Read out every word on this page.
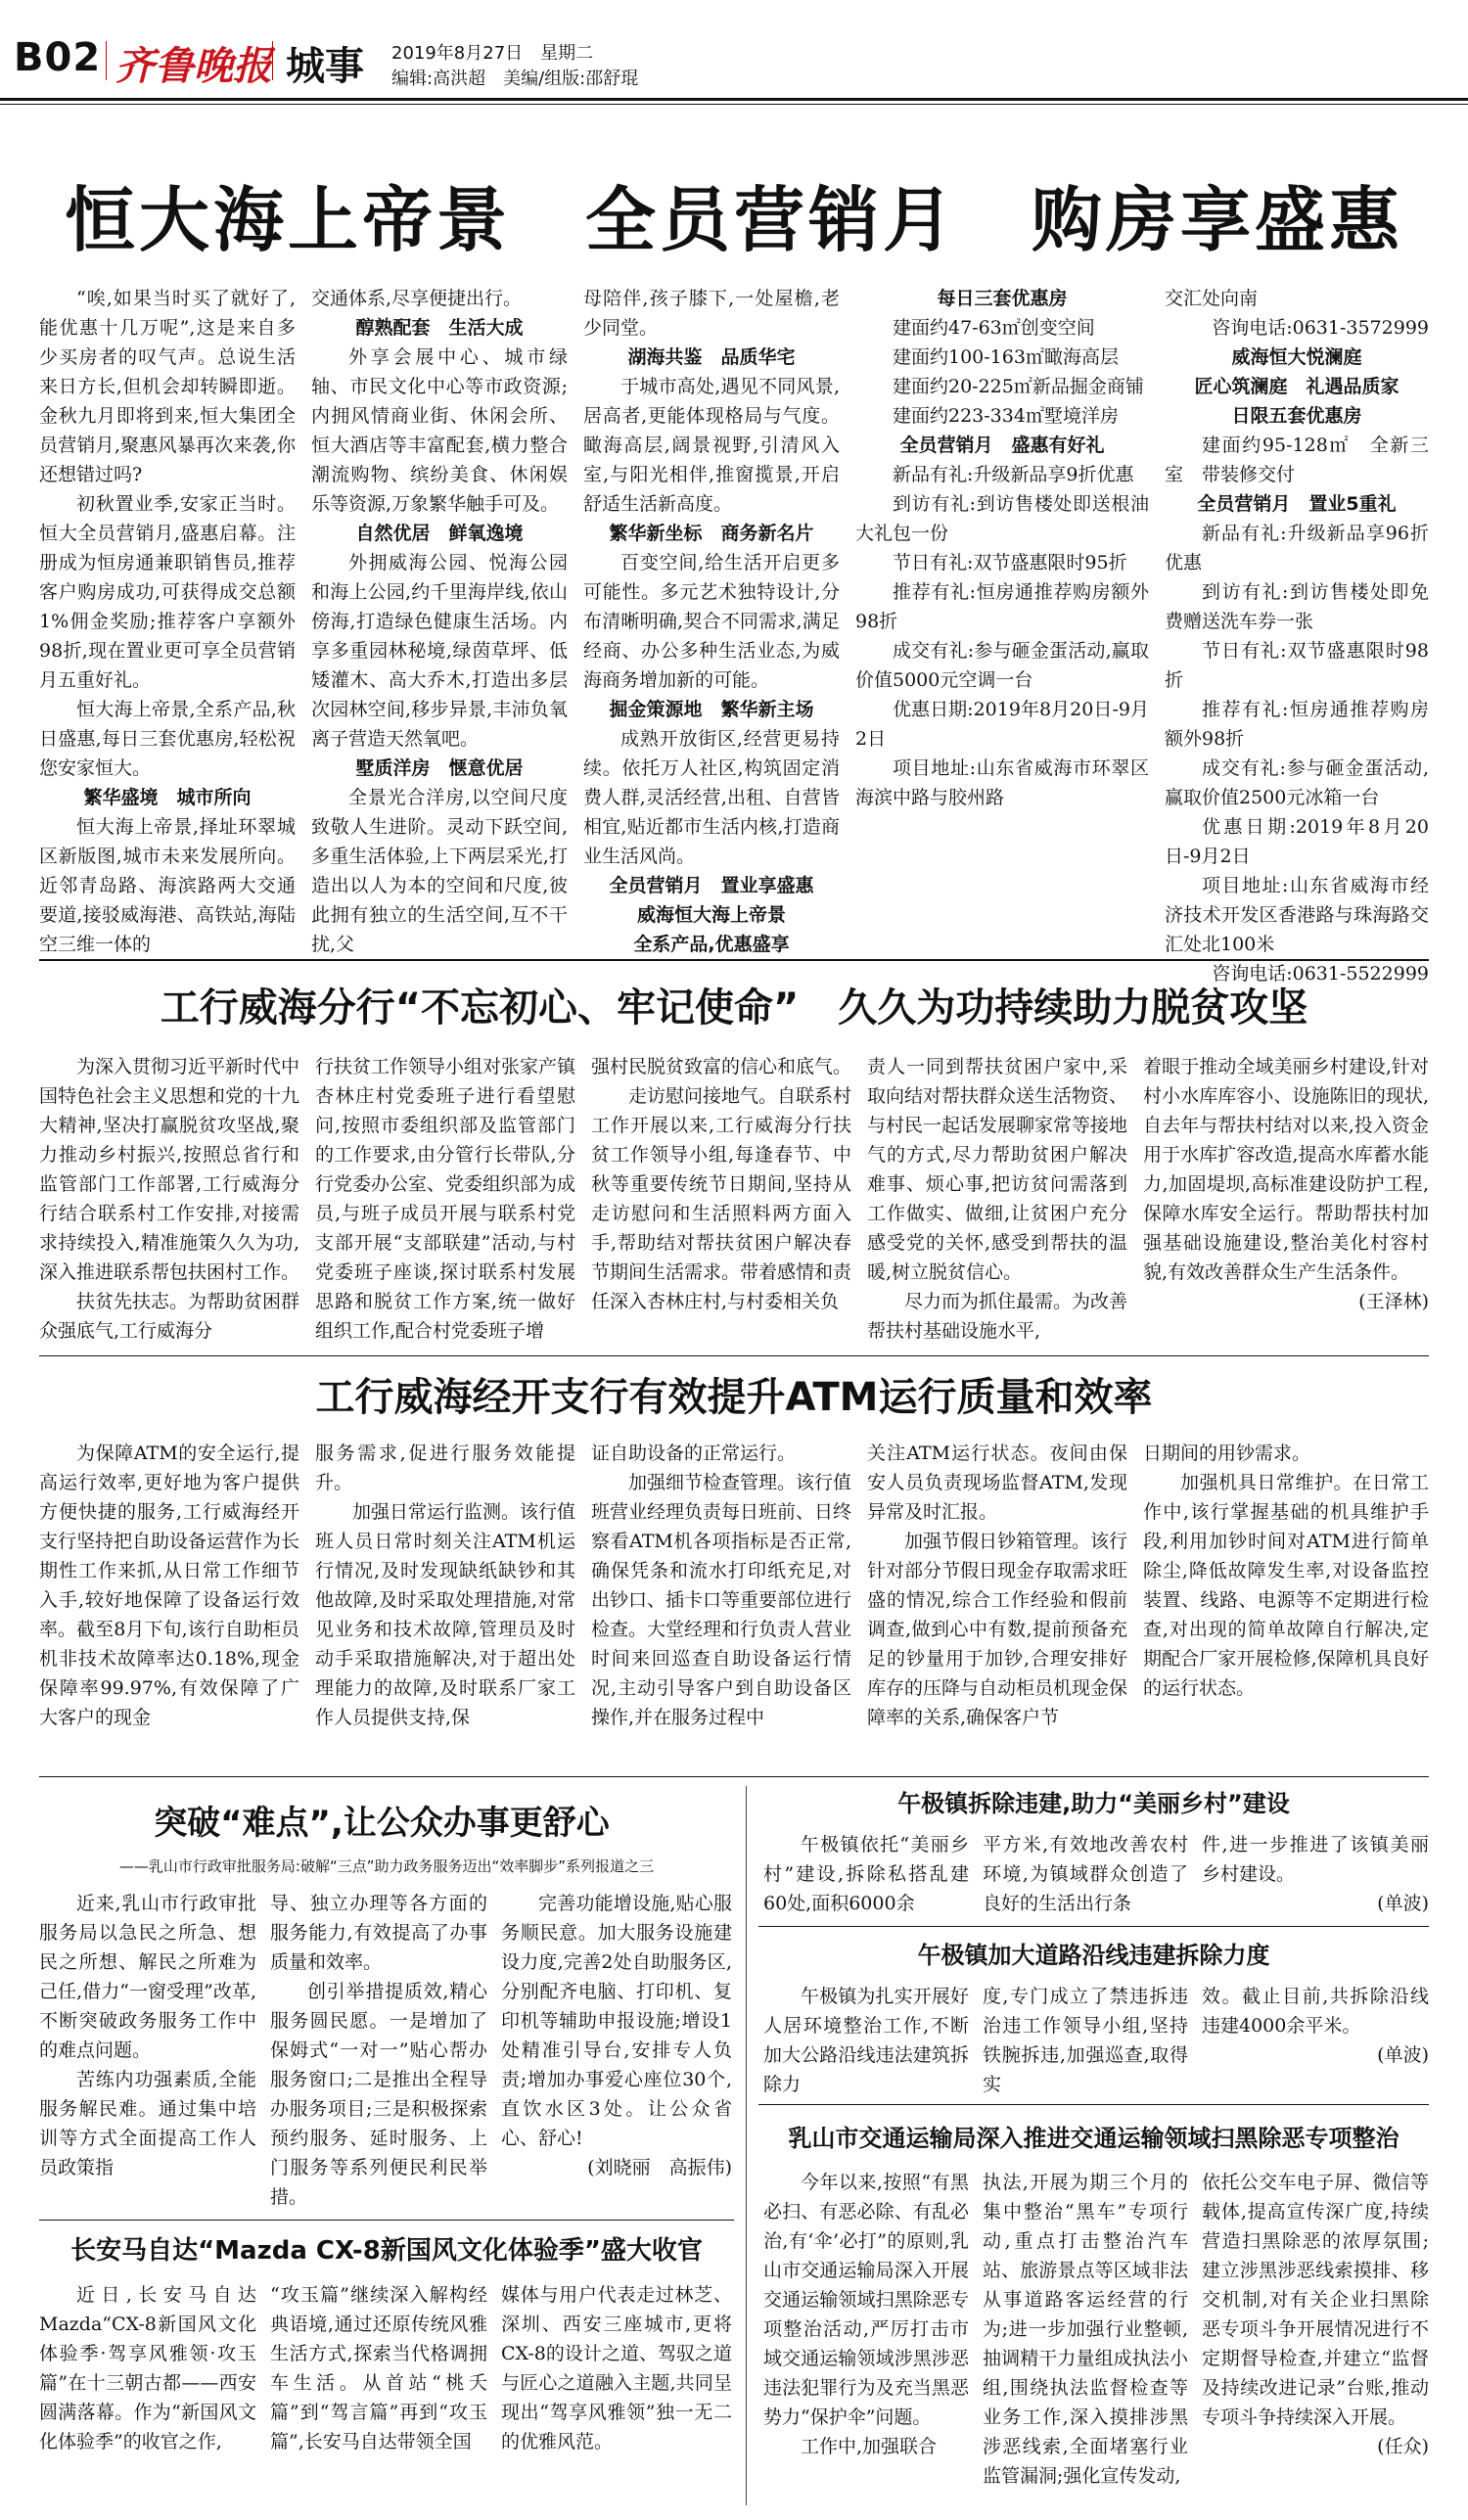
B02 齐鲁晚报 城事 2019年8月27日　星期二
编辑:高洪超　美编/组版:邵舒琨
恒大海上帝景　全员营销月　购房享盛惠

“唉,如果当时买了就好了,能优惠十几万呢”,这是来自多少买房者的叹气声。总说生活来日方长,但机会却转瞬即逝。金秋九月即将到来,恒大集团全员营销月,聚惠风暴再次来袭,你还想错过吗?

初秋置业季,安家正当时。恒大全员营销月,盛惠启幕。注册成为恒房通兼职销售员,推荐客户购房成功,可获得成交总额1%佣金奖励;推荐客户享额外98折,现在置业更可享全员营销月五重好礼。

恒大海上帝景,全系产品,秋日盛惠,每日三套优惠房,轻松祝您安家恒大。

繁华盛境　城市所向

恒大海上帝景,择址环翠城区新版图,城市未来发展所向。近邻青岛路、海滨路两大交通要道,接驳威海港、高铁站,海陆空三维一体的

交通体系,尽享便捷出行。

醇熟配套　生活大成

外享会展中心、城市绿轴、市民文化中心等市政资源;内拥风情商业街、休闲会所、恒大酒店等丰富配套,横力整合潮流购物、缤纷美食、休闲娱乐等资源,万象繁华触手可及。

自然优居　鲜氧逸境

外拥威海公园、悦海公园和海上公园,约千里海岸线,依山傍海,打造绿色健康生活场。内享多重园林秘境,绿茵草坪、低矮灌木、高大乔木,打造出多层次园林空间,移步异景,丰沛负氧离子营造天然氧吧。

墅质洋房　惬意优居

全景光合洋房,以空间尺度致敬人生进阶。灵动下跃空间,多重生活体验,上下两层采光,打造出以人为本的空间和尺度,彼此拥有独立的生活空间,互不干扰,父

母陪伴,孩子膝下,一处屋檐,老少同堂。

湖海共鉴　品质华宅

于城市高处,遇见不同风景,居高者,更能体现格局与气度。瞰海高层,阔景视野,引清风入室,与阳光相伴,推窗揽景,开启舒适生活新高度。

繁华新坐标　商务新名片

百变空间,给生活开启更多可能性。多元艺术独特设计,分布清晰明确,契合不同需求,满足经商、办公多种生活业态,为威海商务增加新的可能。

掘金策源地　繁华新主场

成熟开放街区,经营更易持续。依托万人社区,构筑固定消费人群,灵活经营,出租、自营皆相宜,贴近都市生活内核,打造商业生活风尚。

全员营销月　置业享盛惠

威海恒大海上帝景

全系产品,优惠盛享

每日三套优惠房

建面约47-63㎡创变空间

建面约100-163㎡瞰海高层

建面约20-225㎡新品掘金商铺

建面约223-334㎡墅境洋房

全员营销月　盛惠有好礼

新品有礼:升级新品享9折优惠

到访有礼:到访售楼处即送根油大礼包一份

节日有礼:双节盛惠限时95折

推荐有礼:恒房通推荐购房额外98折

成交有礼:参与砸金蛋活动,赢取价值5000元空调一台

优惠日期:2019年8月20日-9月2日

项目地址:山东省威海市环翠区海滨中路与胶州路

交汇处向南

咨询电话:0631-3572999

威海恒大悦澜庭

匠心筑澜庭　礼遇品质家

日限五套优惠房

建面约95-128㎡　全新三室　带装修交付

全员营销月　置业5重礼

新品有礼:升级新品享96折优惠

到访有礼:到访售楼处即免费赠送洗车券一张

节日有礼:双节盛惠限时98折

推荐有礼:恒房通推荐购房额外98折

成交有礼:参与砸金蛋活动,赢取价值2500元冰箱一台

优惠日期:2019年8月20日-9月2日

项目地址:山东省威海市经济技术开发区香港路与珠海路交汇处北100米

咨询电话:0631-5522999

工行威海分行“不忘初心、牢记使命”　久久为功持续助力脱贫攻坚

为深入贯彻习近平新时代中国特色社会主义思想和党的十九大精神,坚决打赢脱贫攻坚战,聚力推动乡村振兴,按照总省行和监管部门工作部署,工行威海分行结合联系村工作安排,对接需求持续投入,精准施策久久为功,深入推进联系帮包扶困村工作。

扶贫先扶志。为帮助贫困群众强底气,工行威海分

行扶贫工作领导小组对张家产镇杏林庄村党委班子进行看望慰问,按照市委组织部及监管部门的工作要求,由分管行长带队,分行党委办公室、党委组织部为成员,与班子成员开展与联系村党支部开展“支部联建”活动,与村党委班子座谈,探讨联系村发展思路和脱贫工作方案,统一做好组织工作,配合村党委班子增

强村民脱贫致富的信心和底气。

走访慰问接地气。自联系村工作开展以来,工行威海分行扶贫工作领导小组,每逢春节、中秋等重要传统节日期间,坚持从走访慰问和生活照料两方面入手,帮助结对帮扶贫困户解决春节期间生活需求。带着感情和责任深入杏林庄村,与村委相关负

责人一同到帮扶贫困户家中,采取向结对帮扶群众送生活物资、与村民一起话发展聊家常等接地气的方式,尽力帮助贫困户解决难事、烦心事,把访贫问需落到工作做实、做细,让贫困户充分感受党的关怀,感受到帮扶的温暖,树立脱贫信心。

尽力而为抓住最需。为改善帮扶村基础设施水平,

着眼于推动全域美丽乡村建设,针对村小水库库容小、设施陈旧的现状,自去年与帮扶村结对以来,投入资金用于水库扩容改造,提高水库蓄水能力,加固堤坝,高标准建设防护工程,保障水库安全运行。帮助帮扶村加强基础设施建设,整治美化村容村貌,有效改善群众生产生活条件。

(王泽林)

工行威海经开支行有效提升ATM运行质量和效率

为保障ATM的安全运行,提高运行效率,更好地为客户提供方便快捷的服务,工行威海经开支行坚持把自助设备运营作为长期性工作来抓,从日常工作细节入手,较好地保障了设备运行效率。截至8月下旬,该行自助柜员机非技术故障率达0.18%,现金保障率99.97%,有效保障了广大客户的现金

服务需求,促进行服务效能提升。

加强日常运行监测。该行值班人员日常时刻关注ATM机运行情况,及时发现缺纸缺钞和其他故障,及时采取处理措施,对常见业务和技术故障,管理员及时动手采取措施解决,对于超出处理能力的故障,及时联系厂家工作人员提供支持,保

证自助设备的正常运行。

加强细节检查管理。该行值班营业经理负责每日班前、日终察看ATM机各项指标是否正常,确保凭条和流水打印纸充足,对出钞口、插卡口等重要部位进行检查。大堂经理和行负责人营业时间来回巡查自助设备运行情况,主动引导客户到自助设备区操作,并在服务过程中

关注ATM运行状态。夜间由保安人员负责现场监督ATM,发现异常及时汇报。

加强节假日钞箱管理。该行针对部分节假日现金存取需求旺盛的情况,综合工作经验和假前调查,做到心中有数,提前预备充足的钞量用于加钞,合理安排好库存的压降与自动柜员机现金保障率的关系,确保客户节

日期间的用钞需求。

加强机具日常维护。在日常工作中,该行掌握基础的机具维护手段,利用加钞时间对ATM进行简单除尘,降低故障发生率,对设备监控装置、线路、电源等不定期进行检查,对出现的简单故障自行解决,定期配合厂家开展检修,保障机具良好的运行状态。

突破“难点”,让公众办事更舒心
——乳山市行政审批服务局:破解“三点”助力政务服务迈出“效率脚步”系列报道之三

近来,乳山市行政审批服务局以急民之所急、想民之所想、解民之所难为己任,借力“一窗受理”改革,不断突破政务服务工作中的难点问题。

苦练内功强素质,全能服务解民难。通过集中培训等方式全面提高工作人员政策指

导、独立办理等各方面的服务能力,有效提高了办事质量和效率。

创引举措提质效,精心服务圆民愿。一是增加了保姆式“一对一”贴心帮办服务窗口;二是推出全程导办服务项目;三是积极探索预约服务、延时服务、上门服务等系列便民利民举措。

完善功能增设施,贴心服务顺民意。加大服务设施建设力度,完善2处自助服务区,分别配齐电脑、打印机、复印机等辅助申报设施;增设1处精准引导台,安排专人负责;增加办事爱心座位30个,直饮水区3处。让公众省心、舒心!

(刘晓丽　高振伟)

长安马自达“Mazda CX-8新国风文化体验季”盛大收官

近日,长安马自达Mazda“CX-8新国风文化体验季·驾享风雅领·攻玉篇”在十三朝古都——西安圆满落幕。作为“新国风文化体验季”的收官之作,

“攻玉篇”继续深入解构经典语境,通过还原传统风雅生活方式,探索当代格调拥车生活。从首站“桃夭篇”到“驾言篇”再到“攻玉篇”,长安马自达带领全国

媒体与用户代表走过林芝、深圳、西安三座城市,更将CX-8的设计之道、驾驭之道与匠心之道融入主题,共同呈现出“驾享风雅领”独一无二的优雅风范。

午极镇拆除违建,助力“美丽乡村”建设

午极镇依托“美丽乡村”建设,拆除私搭乱建60处,面积6000余

平方米,有效地改善农村环境,为镇域群众创造了良好的生活出行条

件,进一步推进了该镇美丽乡村建设。

(单波)

午极镇加大道路沿线违建拆除力度

午极镇为扎实开展好人居环境整治工作,不断加大公路沿线违法建筑拆除力

度,专门成立了禁违拆违治违工作领导小组,坚持铁腕拆违,加强巡查,取得实

效。截止目前,共拆除沿线违建4000余平米。

(单波)

乳山市交通运输局深入推进交通运输领域扫黑除恶专项整治

今年以来,按照“有黑必扫、有恶必除、有乱必治,有‘伞’必打”的原则,乳山市交通运输局深入开展交通运输领域扫黑除恶专项整治活动,严厉打击市域交通运输领域涉黑涉恶违法犯罪行为及充当黑恶势力“保护伞”问题。

工作中,加强联合

执法,开展为期三个月的集中整治“黑车”专项行动,重点打击整治汽车站、旅游景点等区域非法从事道路客运经营的行为;进一步加强行业整顿,抽调精干力量组成执法小组,围绕执法监督检查等业务工作,深入摸排涉黑涉恶线索,全面堵塞行业监管漏洞;强化宣传发动,

依托公交车电子屏、微信等载体,提高宣传深广度,持续营造扫黑除恶的浓厚氛围;建立涉黑涉恶线索摸排、移交机制,对有关企业扫黑除恶专项斗争开展情况进行不定期督导检查,并建立“监督及持续改进记录”台账,推动专项斗争持续深入开展。

(任众)
